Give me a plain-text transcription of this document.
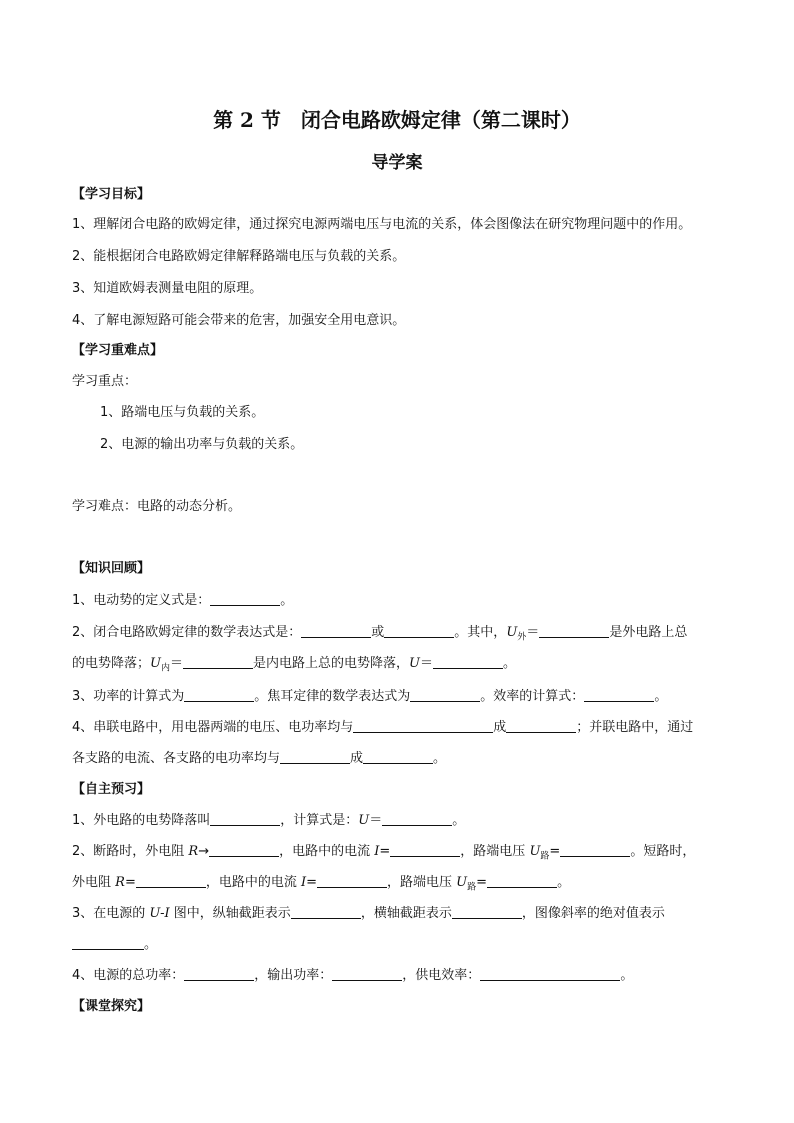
第 2 节　闭合电路欧姆定律（第二课时）
导学案
【学习目标】
1、理解闭合电路的欧姆定律，通过探究电源两端电压与电流的关系，体会图像法在研究物理问题中的作用。
2、能根据闭合电路欧姆定律解释路端电压与负载的关系。
3、知道欧姆表测量电阻的原理。
4、了解电源短路可能会带来的危害，加强安全用电意识。
【学习重难点】
学习重点：
1、路端电压与负载的关系。
2、电源的输出功率与负载的关系。
学习难点：电路的动态分析。
【知识回顾】
1、电动势的定义式是：	。
2、闭合电路欧姆定律的数学表达式是：	或	。其中，$U_外=$	是外电路上总
的电势降落；$U_内=$	是内电路上总的电势降落，U＝	。
3、功率的计算式为	。焦耳定律的数学表达式为	。效率的计算式：	。
4、串联电路中，用电器两端的电压、电功率均与	成	；并联电路中，通过
各支路的电流、各支路的电功率均与	成	。
【自主预习】
1、外电路的电势降落叫	，计算式是：U＝	。
2、断路时，外电阻 R→	，电路中的电流 I=	，路端电压 $U_路=$	。短路时，
外电阻 R=	，电路中的电流 I=	，路端电压 $U_路=$	。
3、在电源的 U-I 图中，纵轴截距表示	，横轴截距表示	，图像斜率的绝对值表示
。
4、电源的总功率：	，输出功率：	，供电效率：	。
【课堂探究】
